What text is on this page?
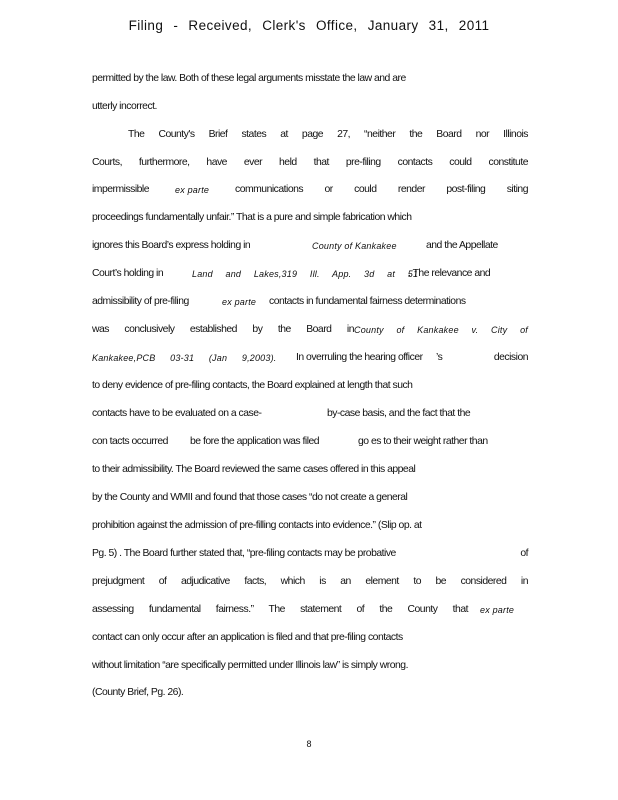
Filing - Received, Clerk's Office, January 31, 2011
permitted by the law. Both of these legal arguments misstate the law and are
utterly incorrect.
The County's Brief states at page 27, “neither the Board nor Illinois
Courts, furthermore, have ever held that pre-filing contacts could constitute
impermissible	ex parte communications or could render post-filing siting
proceedings fundamentally unfair.” That is a pure and simple fabrication which
ignores this Board’s express holding in	County of Kankakee	and the Appellate
Court’s holding in	Land and Lakes,319 Ill. App. 3d at 51
. The relevance and
admissibility of pre-filing	ex parte contacts in fundamental fairness determinations
was conclusively established by the Board in County of Kankakee v. City of
Kankakee,PCB 03-31 (Jan 9,2003). In overruling the hearing officer ’s decision
to deny evidence of pre-filing contacts, the Board explained at length that such
contacts have to be evaluated on a case-	by-case basis, and the fact that the
con tacts occurred be fore the application was filed	go es to their weight rather than
to their admissibility. The Board reviewed the same cases offered in this appeal
by the County and WMII and found that those cases “do not create a general
prohibition against the admission of pre-filling contacts into evidence.” (Slip op. at
Pg. 5) . The Board further stated that, “pre-filing contacts may be probative	of
prejudgment of adjudicative facts, which is an element to be considered in
assessing fundamental fairness.” The statement of the County that ex parte
contact can only occur after an application is filed and that pre-filing contacts
without limitation “are specifically permitted under Illinois law” is simply wrong.
(County Brief, Pg. 26).
8
